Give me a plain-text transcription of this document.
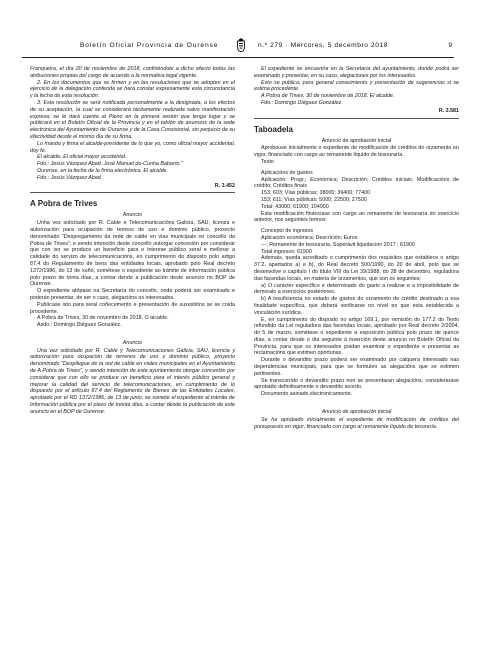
Boletín Oficial Provincia de Ourense	n.º 279 · Mércores, 5 decembro 2018	9

Franqueira, el día 20 de noviembre de 2018, confiriéndole a dicho efecto todas las atribuciones propias del cargo de acuerdo a la normativa legal vigente.

2. En los documentos que se firmen y en las resoluciones que se adopten en el ejercicio de la delegación conferida se hará constar expresamente esta circunstancia y la fecha de esta resolución.

3. Esta resolución se será notificada personalmente a la designada, a los efectos de su aceptación, la cual se considerará tácitamente realizada salvo manifestación expresa; se le dará cuenta al Pleno en la primera sesión que tenga lugar y se publicará en el Boletín Oficial de la Provincia y en el tablón de anuncios de la sede electrónica del Ayuntamiento de Ourense y de la Casa Consistorial, sin perjuicio de su efectividad desde el mismo día de su firma.

Lo manda y firma el alcalde-presidente de lo que yo, como oficial mayor accidental, doy fe.

El alcalde. El oficial mayor accidental.

Fdo.: Jesús Vázquez Abad. José Manuel du-Cunha Babarro."

Ourense, en la fecha de la firma electrónica. El alcalde.

Fdo.: Jesús Vázquez Abad.

R. 3.452

A Pobra de Trives

Anuncio

Unha vez solicitado por R. Cable e Telecomunicacións Galicia, SAU, licenza e autorización para ocupación de terreos de uso e dominio público, proxecto denominado "Despregamento da rede de cable en vías municipais no concello da Pobra de Trives", e sendo intención deste concello outorgar concesión por considerar que con iso se produce un beneficio para o interese público xeral e mellorar a calidade do servizo de telecomunicacións, en cumprimento do disposto polo artigo 87.4 do Regulamento de bens das entidades locais, aprobado polo Real decreto 1372/1986, do 13 de xuño, sométese o expediente ao trámite de información pública polo prazo de trinta días, a contar dende a publicación deste anuncio no BOP de Ourense.

O expediente atópase na Secretaría do concello, onde poderá ser examinado e poderán presentar, de ser o caso, alegacións os interesados.

Publícase isto para xeral coñecemento e presentación de suxestións se se coida procedente.

A Pobra de Trives, 30 de novembro de 2018. O alcalde.

Asdo.: Domingo Diéguez González.

Anuncio

Una vez solicitado por R, Cable y Telecomunicaciones Galicia, SAU, licencia y autorización para ocupación de terrenos de uso y dominio público, proyecto denominado "Despliegue de la red de cable en viales municipales en el Ayuntamiento de A Pobra de Trives", y siendo intención de este ayuntamiento otorgar concesión por considerar que con ello se produce un beneficio para el interés público general y mejorar la calidad del servicio de telecomunicaciones, en cumplimiento de lo dispuesto por el artículo 87.4 del Reglamento de Bienes de las Entidades Locales, aprobado por el RD 1372/1986, de 13 de junio, se somete el expediente al trámite de Información pública por el plazo de treinta días, a contar desde la publicación de este anuncio en el BOP de Ourense.

El expediente se encuentra en la Secretaría del ayuntamiento, donde podrá ser examinado y presentar, en su caso, alegaciones por los interesados.

Esto se publica, para general conocimiento y presentación de sugerencias si se estima procedente.

A Pobra de Trives, 30 de noviembre de 2018. El alcalde.

Fdo.: Domingo Diéguez González.

R. 3.581

Taboadela

Anuncio de aprobación inicial

Aprobouse inicialmente o expediente de modificación de créditos do orzamento en vigor, financiado con cargo ao remanente líquido de tesouraría.

Texto

Aplicacións de gastos

Aplicación: Progr.; Económica; Descrición; Créditos iniciais; Modificacións de crédito; Créditos finais

153; 603; Vías públicas; 38000; 39400; 77400

153; 611; Vías públicas; 5000; 22500; 27500

Total: 43000; 61900; 104900

Esta modificación finánciase con cargo ao remanente de tesouraría do exercicio anterior, nos seguintes termos:

Concepto de ingresos

Aplicación económica; Descrición; Euros

---; Remanente de tesouraría. Superávit liquidación 2017 ; 61900

Total ingresos: 61900

Ademais, queda acreditado o cumprimento dos requisitos que establece o artigo 37.2, apartados a) e b), do Real decreto 500/1990, do 20 de abril, polo que se desenvolve o capítulo I do título VIII da Lei 39/1988, do 28 de decembro, reguladora das facendas locais, en materia de orzamentos, que son os seguintes:

a) O carácter específico e determinado do gasto a realizar e a imposibilidade de demoralo a exercicios posteriores.

b) A insuficiencia no estado de gastos do orzamento de crédito destinado a esa finalidade específica, que deberá verificarse no nivel en que esta establecida a vinculación xurídica.

E, en cumprimento do disposto no artigo 169.1, por remisión do 177.2 do Texto refundido da Lei reguladora das facendas locais, aprobado por Real decreto 2/2004, do 5 de marzo, sométese o expediente a exposición pública polo prazo de quince días, a contar desde o día seguinte á inserción deste anuncio no Boletín Oficial da Provincia, para que os interesados poidan examinar o expediente e presentar as reclamacións que estimen oportunas.

Durante o devandito prazo poderá ser examinado por calquera interesado nas dependencias municipais, para que se formulen as alegacións que se estimen pertinentes.

Se transcorrido o devandito prazo non se presentaran alegacións, considerarase aprobado definitivamente o devandito acordo.

Documento asinado electronicamente.

Anuncio de aprobación inicial

Se ha aprobado inicialmente el expediente de modificación de créditos del presupuesto en vigor, financiado con cargo al remanente líquido de tesorería.
